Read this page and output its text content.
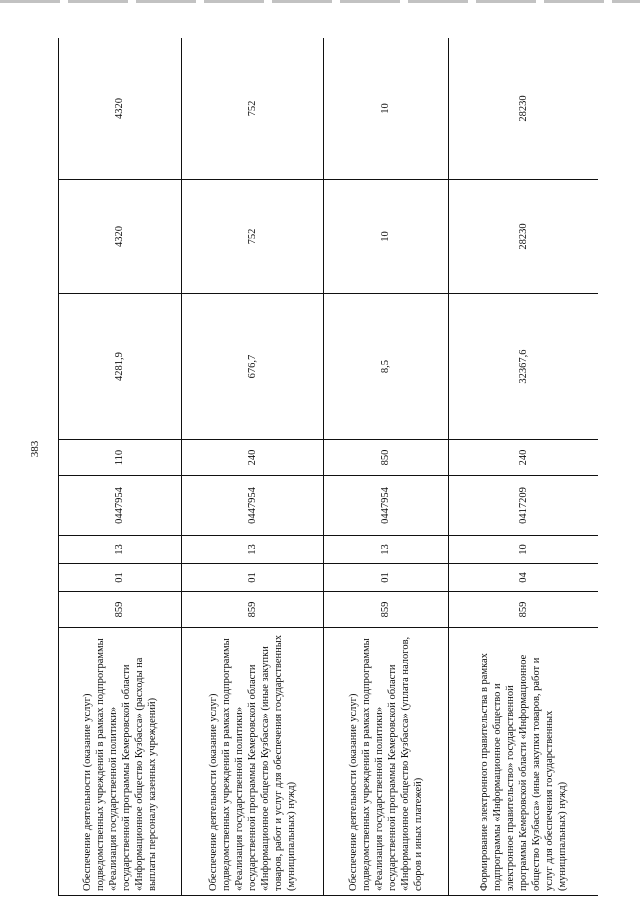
383
Обеспечение деятельности (оказание услуг) подведомственных учреждений в рамках подпрограммы «Реализация государственной политики» государственной программы Кемеровской области «Информационное общество Кузбасса» (расходы на выплаты персоналу казенных учреждений)	859	01	13	0447954	110	4281,9	4320	4320
Обеспечение деятельности (оказание услуг) подведомственных учреждений в рамках подпрограммы «Реализация государственной политики» государственной программы Кемеровской области «Информационное общество Кузбасса» (иные закупки товаров, работ и услуг для обеспечения государственных (муниципальных) нужд)	859	01	13	0447954	240	676,7	752	752
Обеспечение деятельности (оказание услуг) подведомственных учреждений в рамках подпрограммы «Реализация государственной политики» государственной программы Кемеровской области «Информационное общество Кузбасса» (уплата налогов, сборов и иных платежей)	859	01	13	0447954	850	8,5	10	10
Формирование электронного правительства в рамках подпрограммы «Информационное общество и электронное правительство» государственной программы Кемеровской области «Информационное общество Кузбасса» (иные закупки товаров, работ и услуг для обеспечения государственных (муниципальных) нужд)	859	04	10	0417209	240	32367,6	28230	28230
